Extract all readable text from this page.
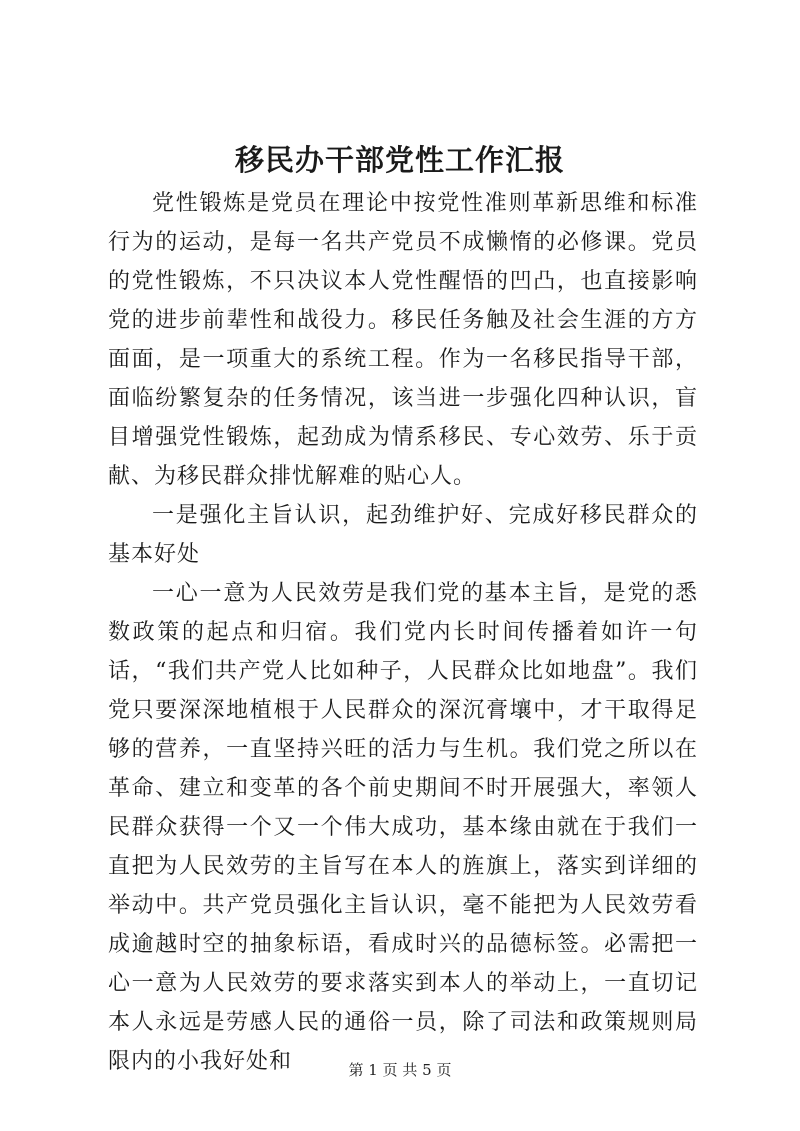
移民办干部党性工作汇报

党性锻炼是党员在理论中按党性准则革新思维和标准行为的运动，是每一名共产党员不成懒惰的必修课。党员的党性锻炼，不只决议本人党性醒悟的凹凸，也直接影响党的进步前辈性和战役力。移民任务触及社会生涯的方方面面，是一项重大的系统工程。作为一名移民指导干部，面临纷繁复杂的任务情况，该当进一步强化四种认识，盲目增强党性锻炼，起劲成为情系移民、专心效劳、乐于贡献、为移民群众排忧解难的贴心人。

一是强化主旨认识，起劲维护好、完成好移民群众的基本好处

一心一意为人民效劳是我们党的基本主旨，是党的悉数政策的起点和归宿。我们党内长时间传播着如许一句话，“我们共产党人比如种子，人民群众比如地盘”。我们党只要深深地植根于人民群众的深沉膏壤中，才干取得足够的营养，一直坚持兴旺的活力与生机。我们党之所以在革命、建立和变革的各个前史期间不时开展强大，率领人民群众获得一个又一个伟大成功，基本缘由就在于我们一直把为人民效劳的主旨写在本人的旌旗上，落实到详细的举动中。共产党员强化主旨认识，毫不能把为人民效劳看成逾越时空的抽象标语，看成时兴的品德标签。必需把一心一意为人民效劳的要求落实到本人的举动上，一直切记本人永远是劳感人民的通俗一员，除了司法和政策规则局限内的小我好处和	第 1 页 共 5 页
